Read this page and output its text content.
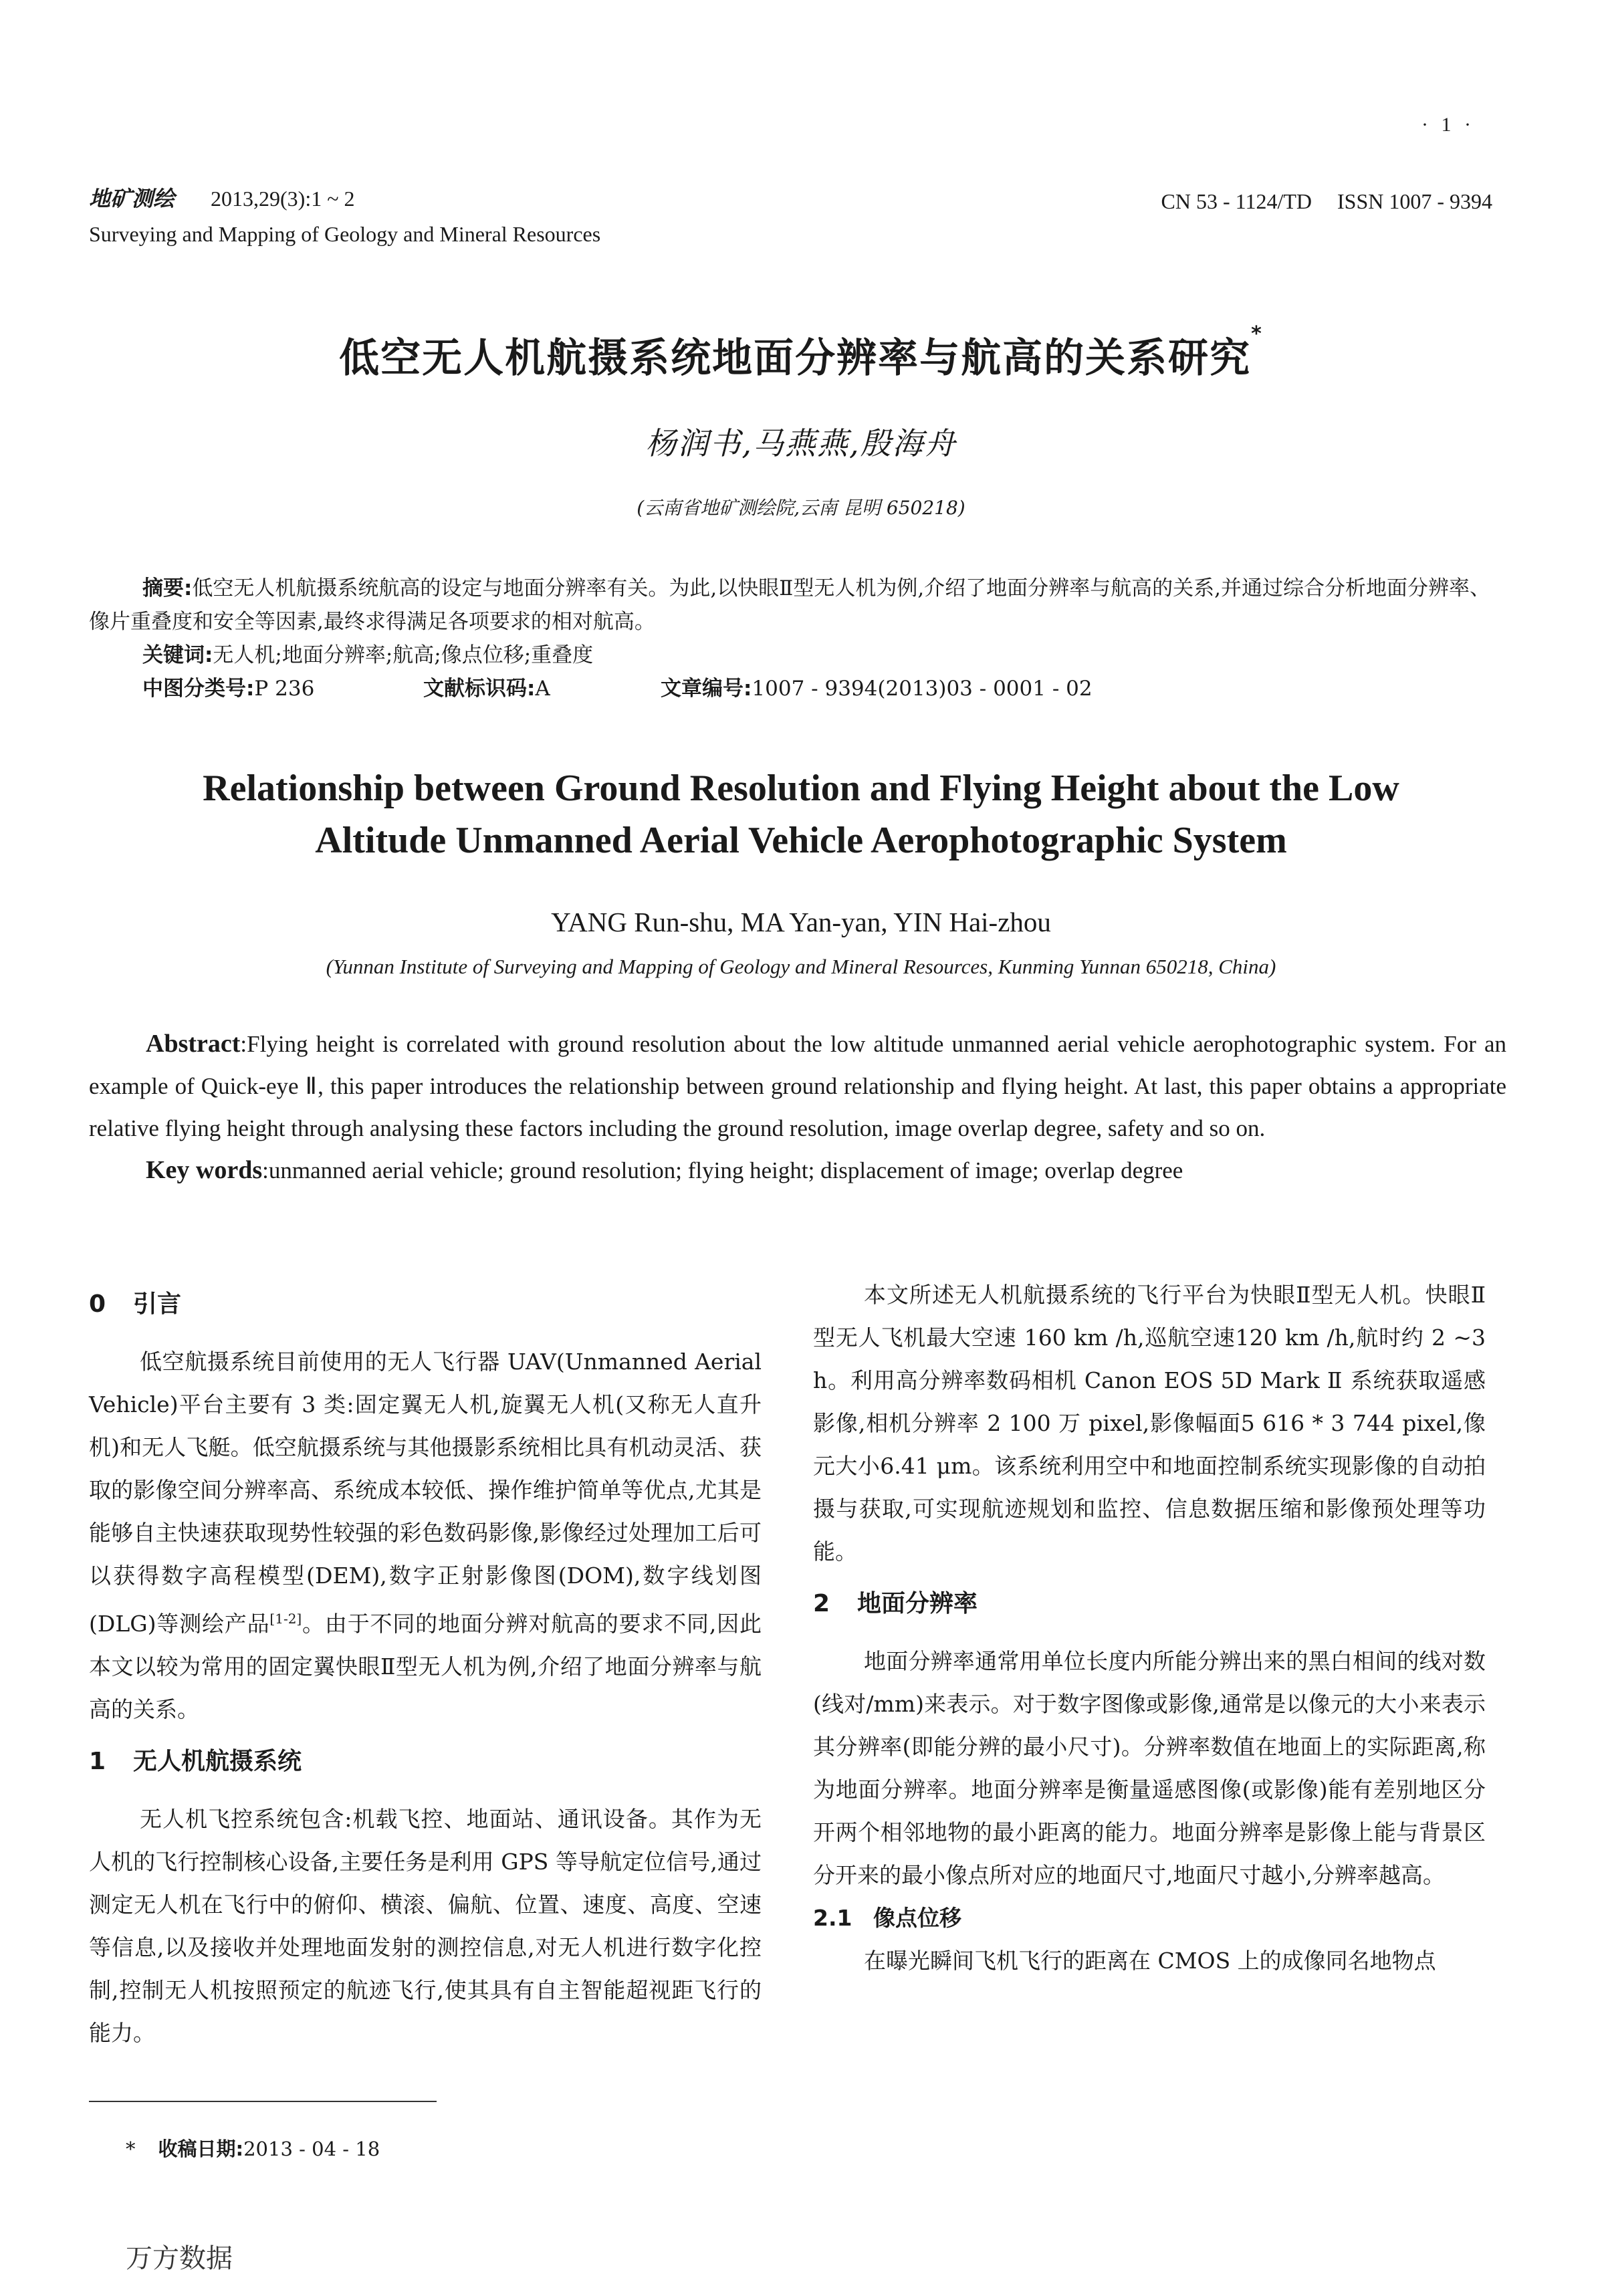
· 1 ·
地矿测绘 2013,29(3):1 ~ 2
Surveying and Mapping of Geology and Mineral Resources
CN 53 - 1124/TD ISSN 1007 - 9394
低空无人机航摄系统地面分辨率与航高的关系研究*
杨润书,马燕燕,殷海舟
(云南省地矿测绘院,云南 昆明 650218)

摘要:低空无人机航摄系统航高的设定与地面分辨率有关。为此,以快眼Ⅱ型无人机为例,介绍了地面分辨率与航高的关系,并通过综合分析地面分辨率、像片重叠度和安全等因素,最终求得满足各项要求的相对航高。

关键词:无人机;地面分辨率;航高;像点位移;重叠度

中图分类号:P 236	文献标识码:A	文章编号:1007 - 9394(2013)03 - 0001 - 02

Relationship between Ground Resolution and Flying Height about the Low
Altitude Unmanned Aerial Vehicle Aerophotographic System
YANG Run-shu, MA Yan-yan, YIN Hai-zhou
(Yunnan Institute of Surveying and Mapping of Geology and Mineral Resources, Kunming Yunnan 650218, China)

Abstract:Flying height is correlated with ground resolution about the low altitude unmanned aerial vehicle aerophotographic system. For an example of Quick-eye Ⅱ, this paper introduces the relationship between ground relationship and flying height. At last, this paper obtains a appropriate relative flying height through analysing these factors including the ground resolution, image overlap degree, safety and so on.

Key words:unmanned aerial vehicle; ground resolution; flying height; displacement of image; overlap degree

0 引言

低空航摄系统目前使用的无人飞行器 UAV(Unmanned Aerial Vehicle)平台主要有 3 类:固定翼无人机,旋翼无人机(又称无人直升机)和无人飞艇。低空航摄系统与其他摄影系统相比具有机动灵活、获取的影像空间分辨率高、系统成本较低、操作维护简单等优点,尤其是能够自主快速获取现势性较强的彩色数码影像,影像经过处理加工后可以获得数字高程模型(DEM),数字正射影像图(DOM),数字线划图(DLG)等测绘产品[1-2]。由于不同的地面分辨对航高的要求不同,因此本文以较为常用的固定翼快眼Ⅱ型无人机为例,介绍了地面分辨率与航高的关系。

1 无人机航摄系统

无人机飞控系统包含:机载飞控、地面站、通讯设备。其作为无人机的飞行控制核心设备,主要任务是利用 GPS 等导航定位信号,通过测定无人机在飞行中的俯仰、横滚、偏航、位置、速度、高度、空速等信息,以及接收并处理地面发射的测控信息,对无人机进行数字化控制,控制无人机按照预定的航迹飞行,使其具有自主智能超视距飞行的能力。

本文所述无人机航摄系统的飞行平台为快眼Ⅱ型无人机。快眼Ⅱ型无人飞机最大空速 160 km /h,巡航空速120 km /h,航时约 2 ~3 h。利用高分辨率数码相机 Canon EOS 5D Mark Ⅱ 系统获取遥感影像,相机分辨率 2 100 万 pixel,影像幅面5 616 * 3 744 pixel,像元大小6.41 μm。该系统利用空中和地面控制系统实现影像的自动拍摄与获取,可实现航迹规划和监控、信息数据压缩和影像预处理等功能。

2 地面分辨率

地面分辨率通常用单位长度内所能分辨出来的黑白相间的线对数(线对/mm)来表示。对于数字图像或影像,通常是以像元的大小来表示其分辨率(即能分辨的最小尺寸)。分辨率数值在地面上的实际距离,称为地面分辨率。地面分辨率是衡量遥感图像(或影像)能有差别地区分开两个相邻地物的最小距离的能力。地面分辨率是影像上能与背景区分开来的最小像点所对应的地面尺寸,地面尺寸越小,分辨率越高。

2.1 像点位移

在曝光瞬间飞机飞行的距离在 CMOS 上的成像同名地物点

* 收稿日期:2013 - 04 - 18
万方数据
